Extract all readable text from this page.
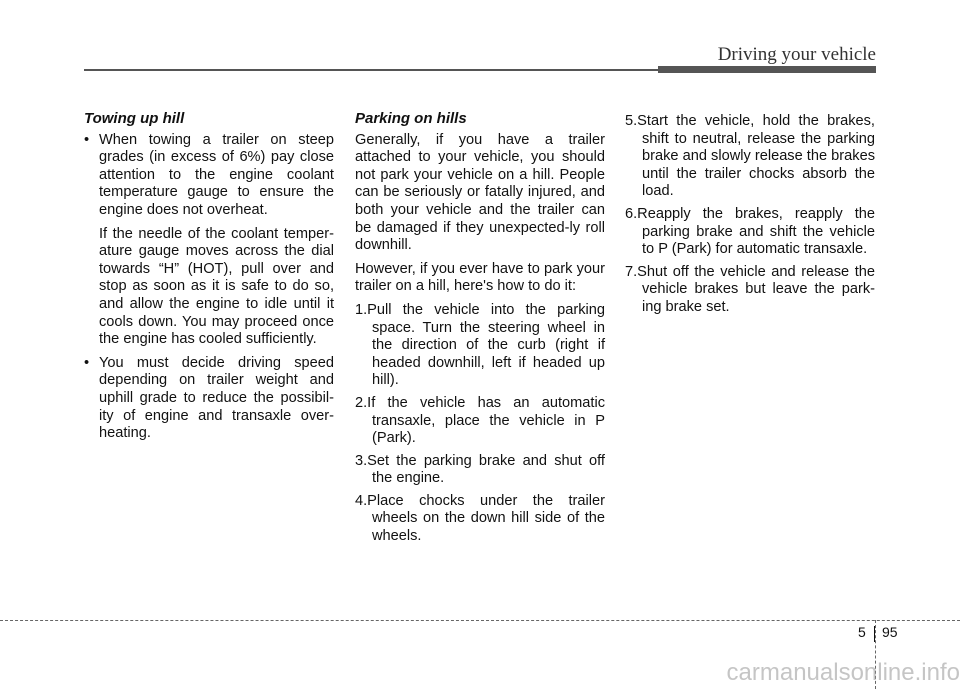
Driving your vehicle
Towing up hill
• When towing a trailer on steep grades (in excess of 6%) pay close attention to the engine coolant temperature gauge to ensure the engine does not overheat.
If the needle of the coolant temper-ature gauge moves across the dial towards “H” (HOT), pull over and stop as soon as it is safe to do so, and allow the engine to idle until it cools down. You may proceed once the engine has cooled sufficiently.
• You must decide driving speed depending on trailer weight and uphill grade to reduce the possibil-ity of engine and transaxle over-heating.
Parking on hills
Generally, if you have a trailer attached to your vehicle, you should not park your vehicle on a hill. People can be seriously or fatally injured, and both your vehicle and the trailer can be damaged if they unexpected-ly roll downhill.
However, if you ever have to park your trailer on a hill, here's how to do it:
1.Pull the vehicle into the parking space. Turn the steering wheel in the direction of the curb (right if headed downhill, left if headed up hill).
2.If the vehicle has an automatic transaxle, place the vehicle in P (Park).
3.Set the parking brake and shut off the engine.
4.Place chocks under the trailer wheels on the down hill side of the wheels.
5.Start the vehicle, hold the brakes, shift to neutral, release the parking brake and slowly release the brakes until the trailer chocks absorb the load.
6.Reapply the brakes, reapply the parking brake and shift the vehicle to P (Park) for automatic transaxle.
7.Shut off the vehicle and release the vehicle brakes but leave the park-ing brake set.
5 95
carmanualsonline.info
